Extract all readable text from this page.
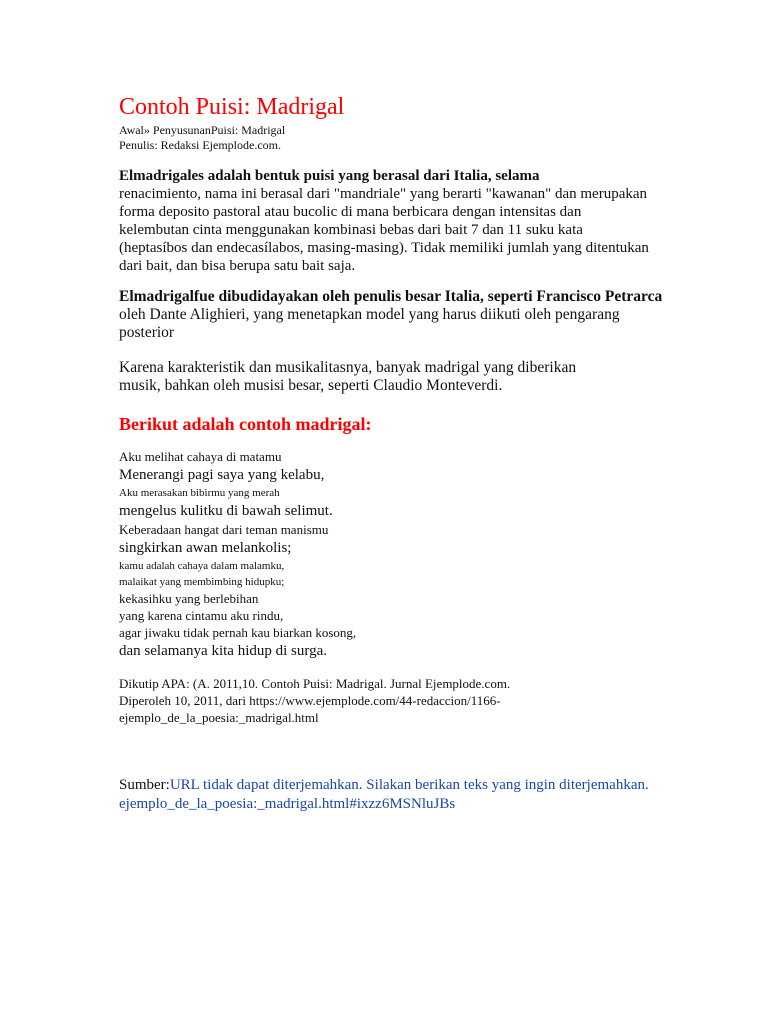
Contoh Puisi: Madrigal
Awal» PenyusunanPuisi: Madrigal
Penulis: Redaksi Ejemplode.com.

Elmadrigales adalah bentuk puisi yang berasal dari Italia, selama
renacimiento, nama ini berasal dari "mandriale" yang berarti "kawanan" dan merupakan
forma deposito pastoral atau bucolic di mana berbicara dengan intensitas dan
kelembutan cinta menggunakan kombinasi bebas dari bait 7 dan 11 suku kata
(heptasíbos dan endecasílabos, masing-masing). Tidak memiliki jumlah yang ditentukan
dari bait, dan bisa berupa satu bait saja.

Elmadrigalfue dibudidayakan oleh penulis besar Italia, seperti Francisco Petrarca
oleh Dante Alighieri, yang menetapkan model yang harus diikuti oleh pengarang
posterior

Karena karakteristik dan musikalitasnya, banyak madrigal yang diberikan
musik, bahkan oleh musisi besar, seperti Claudio Monteverdi.

Berikut adalah contoh madrigal:
Aku melihat cahaya di matamu
Menerangi pagi saya yang kelabu,
Aku merasakan bibirmu yang merah
mengelus kulitku di bawah selimut.
Keberadaan hangat dari teman manismu
singkirkan awan melankolis;
kamu adalah cahaya dalam malamku,
malaikat yang membimbing hidupku;
kekasihku yang berlebihan
yang karena cintamu aku rindu,
agar jiwaku tidak pernah kau biarkan kosong,
dan selamanya kita hidup di surga.
Dikutip APA: (A. 2011,10. Contoh Puisi: Madrigal. Jurnal Ejemplode.com.
Diperoleh 10, 2011, dari https://www.ejemplode.com/44-redaccion/1166-
ejemplo_de_la_poesia:_madrigal.html
Sumber:URL tidak dapat diterjemahkan. Silakan berikan teks yang ingin diterjemahkan.
ejemplo_de_la_poesia:_madrigal.html#ixzz6MSNluJBs
